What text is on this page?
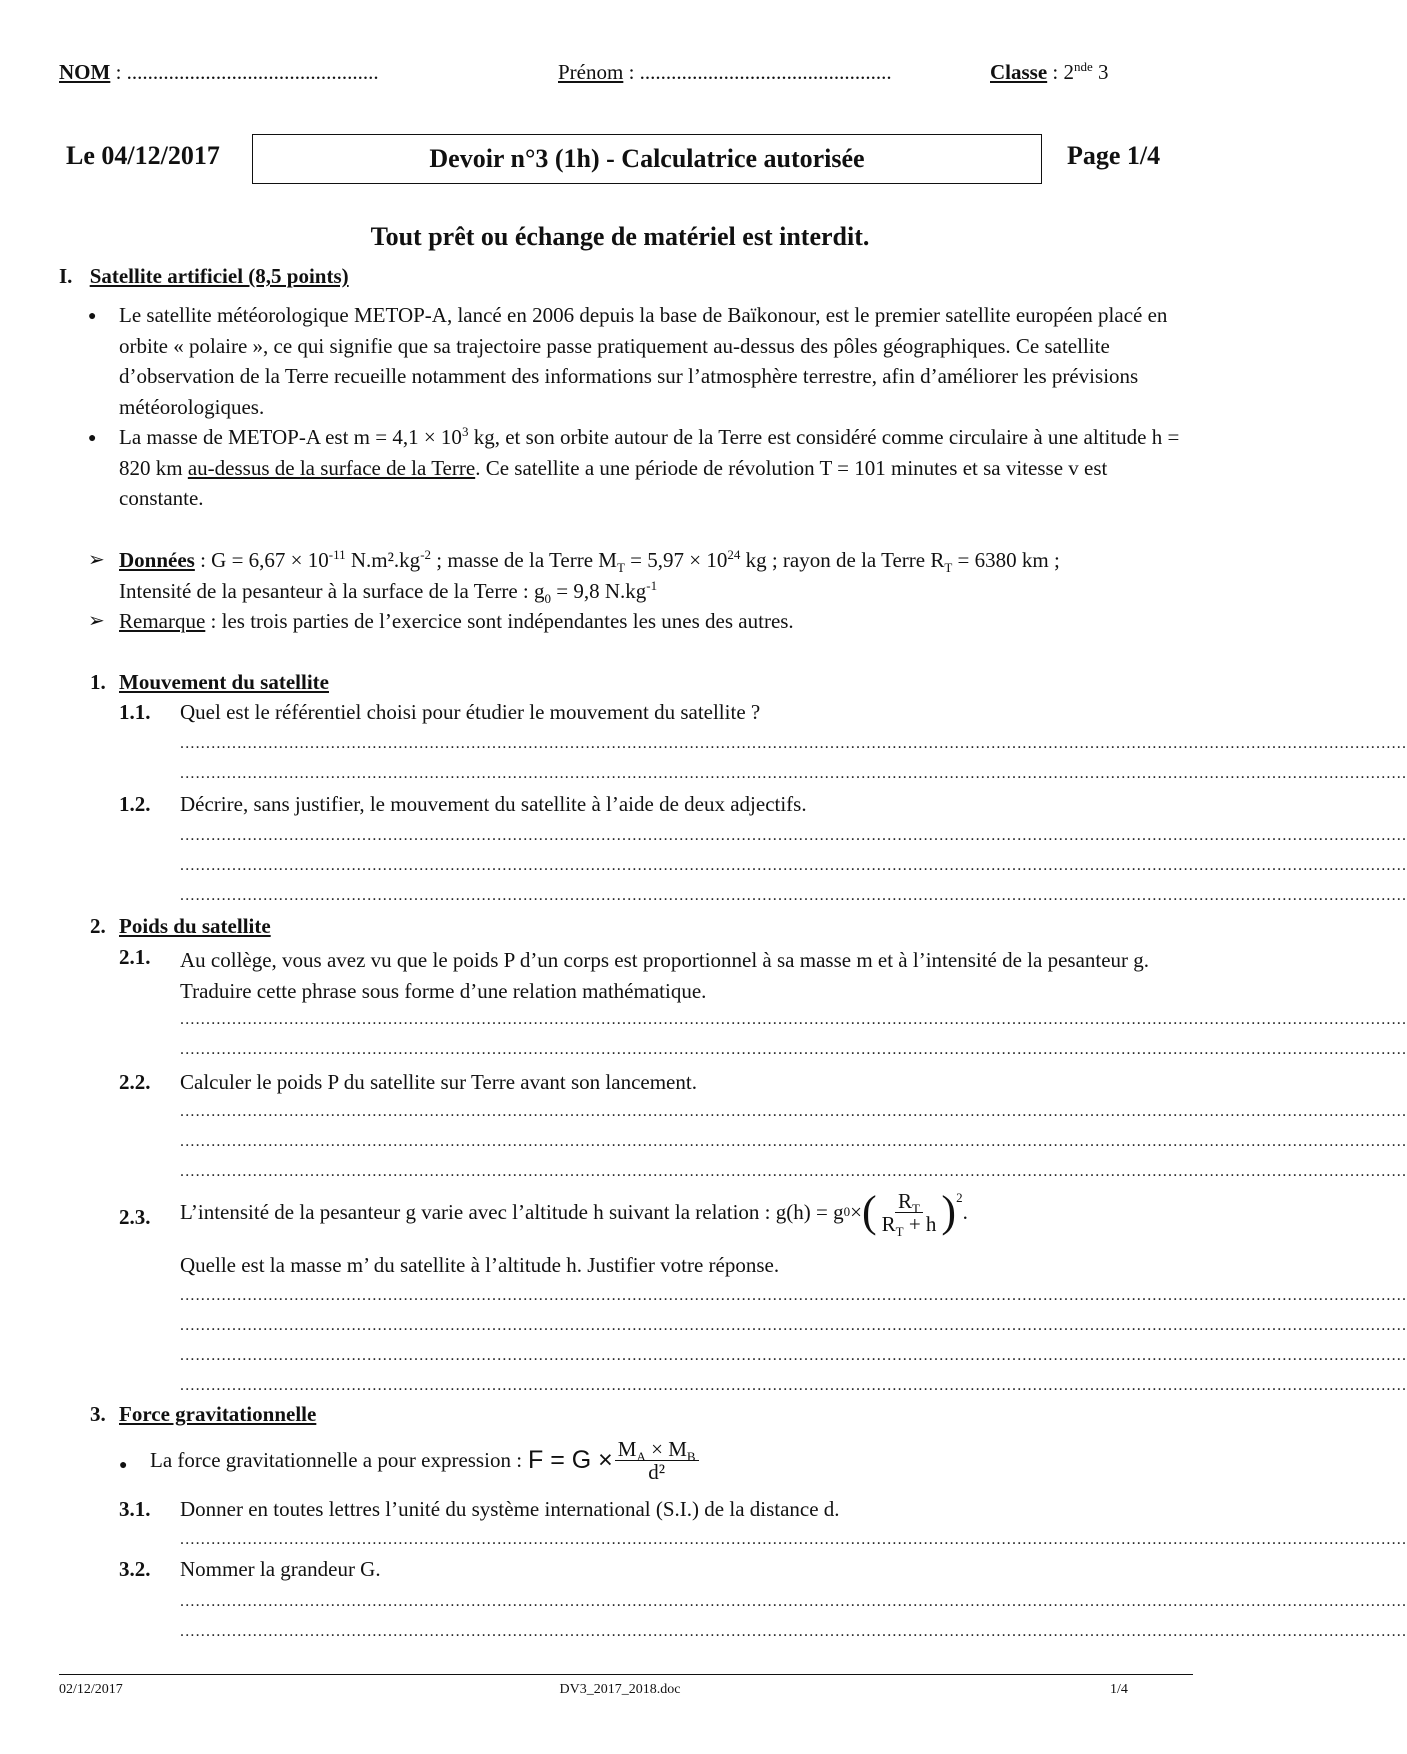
NOM : ................................................	Prénom : ................................................	Classe : 2nde 3
Le 04/12/2017	Devoir n°3 (1h) - Calculatrice autorisée	Page 1/4
Tout prêt ou échange de matériel est interdit.
I. Satellite artificiel (8,5 points)
● Le satellite météorologique METOP-A, lancé en 2006 depuis la base de Baïkonour, est le premier satellite européen placé en orbite « polaire », ce qui signifie que sa trajectoire passe pratiquement au-dessus des pôles géographiques. Ce satellite d’observation de la Terre recueille notamment des informations sur l’atmosphère terrestre, afin d’améliorer les prévisions météorologiques.
● La masse de METOP-A est $m = 4,1 \times 10^3$ kg, et son orbite autour de la Terre est considéré comme circulaire à une altitude h = 820 km au-dessus de la surface de la Terre. Ce satellite a une période de révolution T = 101 minutes et sa vitesse v est constante.
➢ Données : $G = 6,67 \times 10^{-11}$ $N.m^2.kg^{-2}$ ; masse de la Terre $M_T = 5,97 \times 10^{24}$ kg ; rayon de la Terre $R_T = 6380$ km ;
Intensité de la pesanteur à la surface de la Terre : $g_0 = 9,8$ $N.kg^{-1}$
➢ Remarque : les trois parties de l’exercice sont indépendantes les unes des autres.
1. Mouvement du satellite
1.1. Quel est le référentiel choisi pour étudier le mouvement du satellite ?
............................................................................................................................................................................................................................................
............................................................................................................................................................................................................................................
1.2. Décrire, sans justifier, le mouvement du satellite à l’aide de deux adjectifs.
............................................................................................................................................................................................................................................
............................................................................................................................................................................................................................................
............................................................................................................................................................................................................................................
2. Poids du satellite
2.1. Au collège, vous avez vu que le poids P d’un corps est proportionnel à sa masse m et à l’intensité de la pesanteur g. Traduire cette phrase sous forme d’une relation mathématique.
............................................................................................................................................................................................................................................
............................................................................................................................................................................................................................................
2.2. Calculer le poids P du satellite sur Terre avant son lancement.
............................................................................................................................................................................................................................................
............................................................................................................................................................................................................................................
............................................................................................................................................................................................................................................
2.3. L’intensité de la pesanteur g varie avec l’altitude h suivant la relation : g(h) = g 0 × ( $\frac{R_T}{R_T + h} )^2$
.
Quelle est la masse m’ du satellite à l’altitude h. Justifier votre réponse.
............................................................................................................................................................................................................................................
............................................................................................................................................................................................................................................
............................................................................................................................................................................................................................................
............................................................................................................................................................................................................................................
3. Force gravitationnelle
● La force gravitationnelle a pour expression : $F = G \times \frac{M_A \times M_B}{\text{d²}}$
3.1. Donner en toutes lettres l’unité du système international (S.I.) de la distance d.
............................................................................................................................................................................................................................................
3.2. Nommer la grandeur G.
............................................................................................................................................................................................................................................
............................................................................................................................................................................................................................................
02/12/2017	DV3_2017_2018.doc	1/4
